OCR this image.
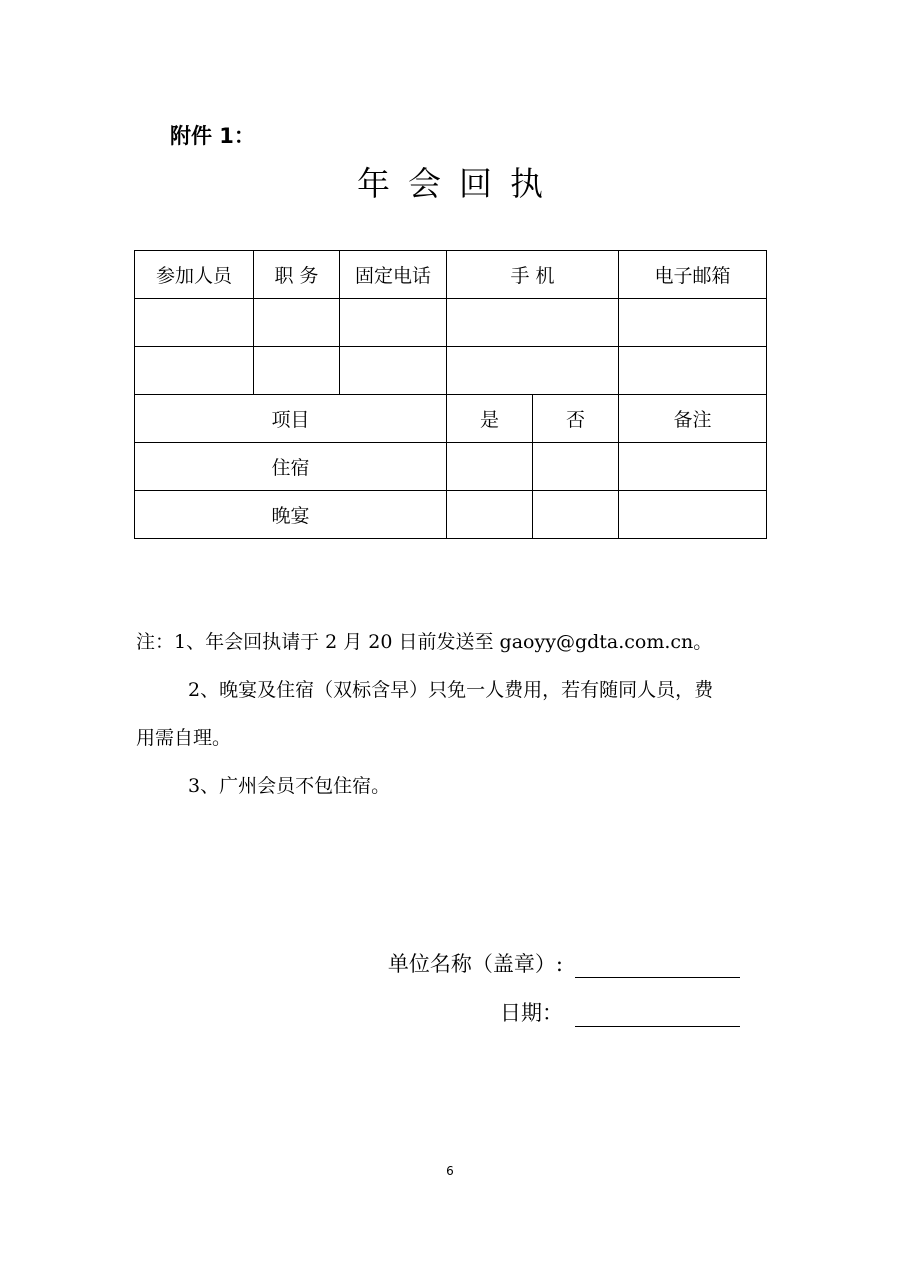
附件 1：
年会回执
参加人员	职 务	固定电话	手 机		电子邮箱

项目			是	否	备注
住宿					
晚宴					

注：1、年会回执请于 2 月 20 日前发送至 gaoyy@gdta.com.cn。

2、晚宴及住宿（双标含早）只免一人费用，若有随同人员，费

用需自理。

3、广州会员不包住宿。

单位名称（盖章）:
日期：
6
